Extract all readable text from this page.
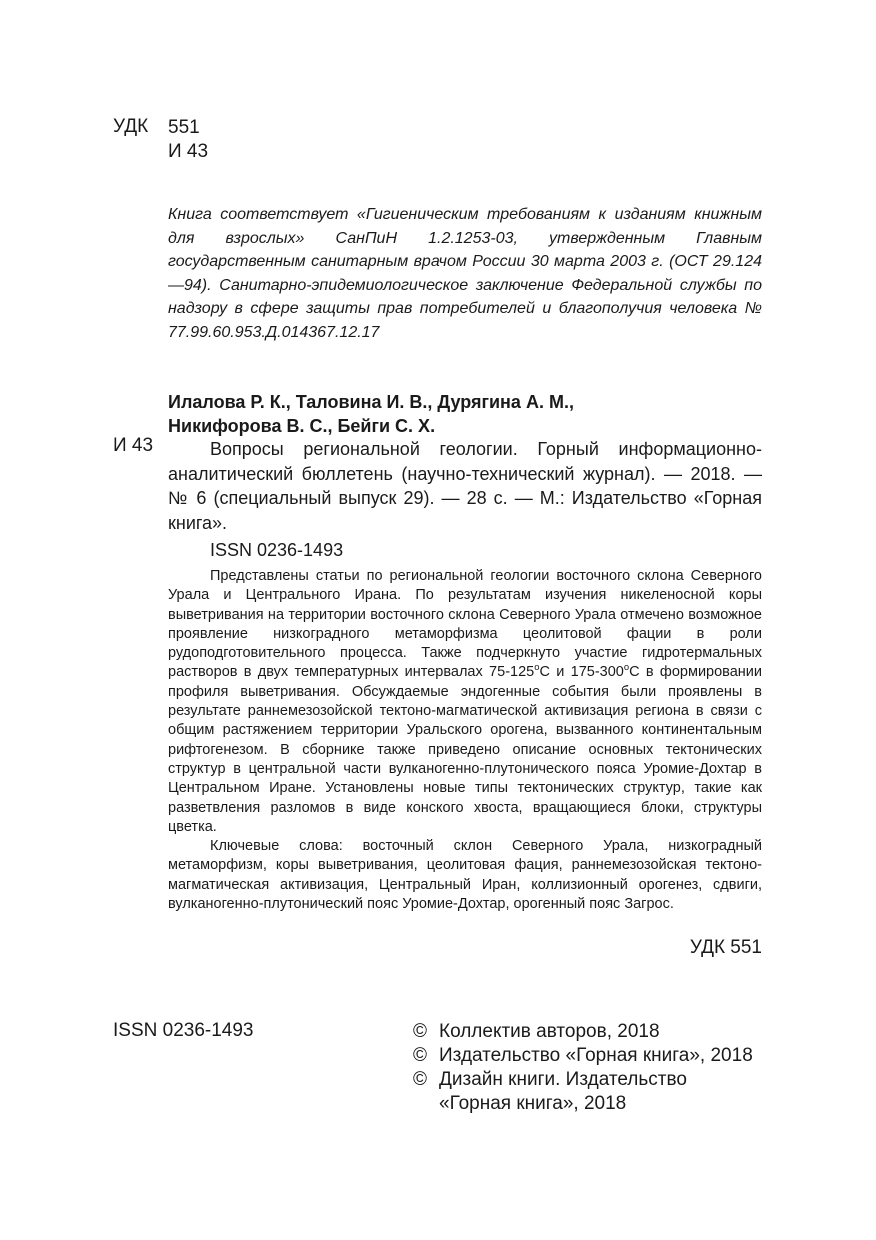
УДК 551
И 43
Книга соответствует «Гигиеническим требованиям к изданиям книжным для взрослых» СанПиН 1.2.1253-03, утвержденным Главным государственным санитарным врачом России 30 марта 2003 г. (ОСТ 29.124—94). Санитарно-эпидемиологическое заключение Федеральной службы по надзору в сфере защиты прав потребителей и благополучия человека № 77.99.60.953.Д.014367.12.17
Илалова Р. К., Таловина И. В., Дурягина А. М.,
Никифорова В. С., Бейги С. Х.
И 43	Вопросы региональной геологии. Горный информационно-аналитический бюллетень (научно-технический журнал). — 2018. — № 6 (специальный выпуск 29). — 28 с. — М.: Издательство «Горная книга».
ISSN 0236-1493

Представлены статьи по региональной геологии восточного склона Северного Урала и Центрального Ирана. По результатам изучения никеленосной коры выветривания на территории восточного склона Северного Урала отмечено возможное проявление низкоградного метаморфизма цеолитовой фации в роли рудоподготовительного процесса. Также подчеркнуто участие гидротермальных растворов в двух температурных интервалах $75-125^оС$ и $175-300^оС$ в формировании профиля выветривания. Обсуждаемые эндогенные события были проявлены в результате раннемезозойской тектоно-магматической активизация региона в связи с общим растяжением территории Уральского орогена, вызванного континентальным рифтогенезом. В сборнике также приведено описание основных тектонических структур в центральной части вулканогенно-плутонического пояса Уромие-Дохтар в Центральном Иране. Установлены новые типы тектонических структур, такие как разветвления разломов в виде конского хвоста, вращающиеся блоки, структуры цветка.

Ключевые слова: восточный склон Северного Урала, низкоградный метаморфизм, коры выветривания, цеолитовая фация, раннемезозойская тектоно-магматическая активизация, Центральный Иран, коллизионный орогенез, сдвиги, вулканогенно-плутонический пояс Уромие-Дохтар, орогенный пояс Загрос.

УДК 551
ISSN 0236-1493	© Коллектив авторов, 2018
© Издательство «Горная книга», 2018
© Дизайн книги. Издательство
«Горная книга», 2018
